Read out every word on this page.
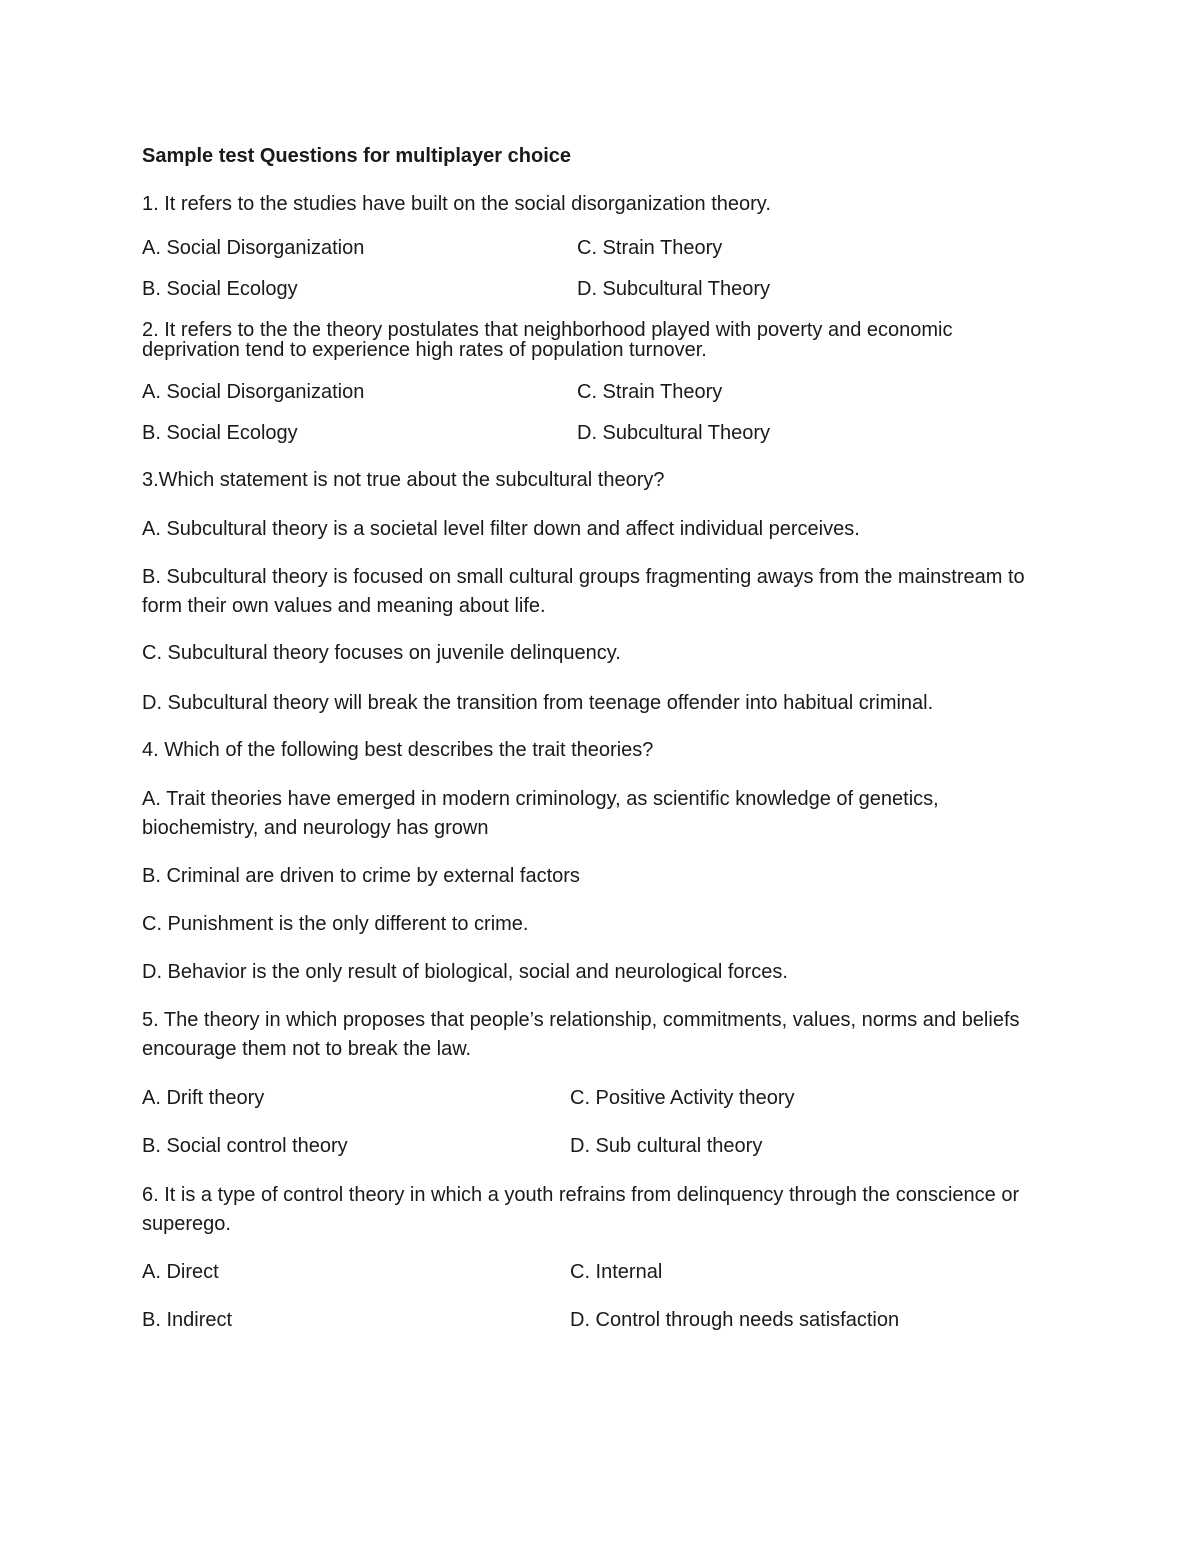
Sample test Questions for multiplayer choice
1. It refers to the studies have built on the social disorganization theory.
A. Social Disorganization	C. Strain Theory
B. Social Ecology	D. Subcultural Theory
2. It refers to the the theory postulates that neighborhood played with poverty and economic
deprivation tend to experience high rates of population turnover.
A. Social Disorganization	C. Strain Theory
B. Social Ecology	D. Subcultural Theory
3.Which statement is not true about the subcultural theory?
A. Subcultural theory is a societal level filter down and affect individual perceives.
B. Subcultural theory is focused on small cultural groups fragmenting aways from the mainstream to form their own values and meaning about life.
C. Subcultural theory focuses on juvenile delinquency.
D. Subcultural theory will break the transition from teenage offender into habitual criminal.
4. Which of the following best describes the trait theories?
A. Trait theories have emerged in modern criminology, as scientific knowledge of genetics, biochemistry, and neurology has grown
B. Criminal are driven to crime by external factors
C. Punishment is the only different to crime.
D. Behavior is the only result of biological, social and neurological forces.
5. The theory in which proposes that people’s relationship, commitments, values, norms and beliefs encourage them not to break the law.
A. Drift theory	C. Positive Activity theory
B. Social control theory	D. Sub cultural theory
6. It is a type of control theory in which a youth refrains from delinquency through the conscience or superego.
A. Direct	C. Internal
B. Indirect	D. Control through needs satisfaction
